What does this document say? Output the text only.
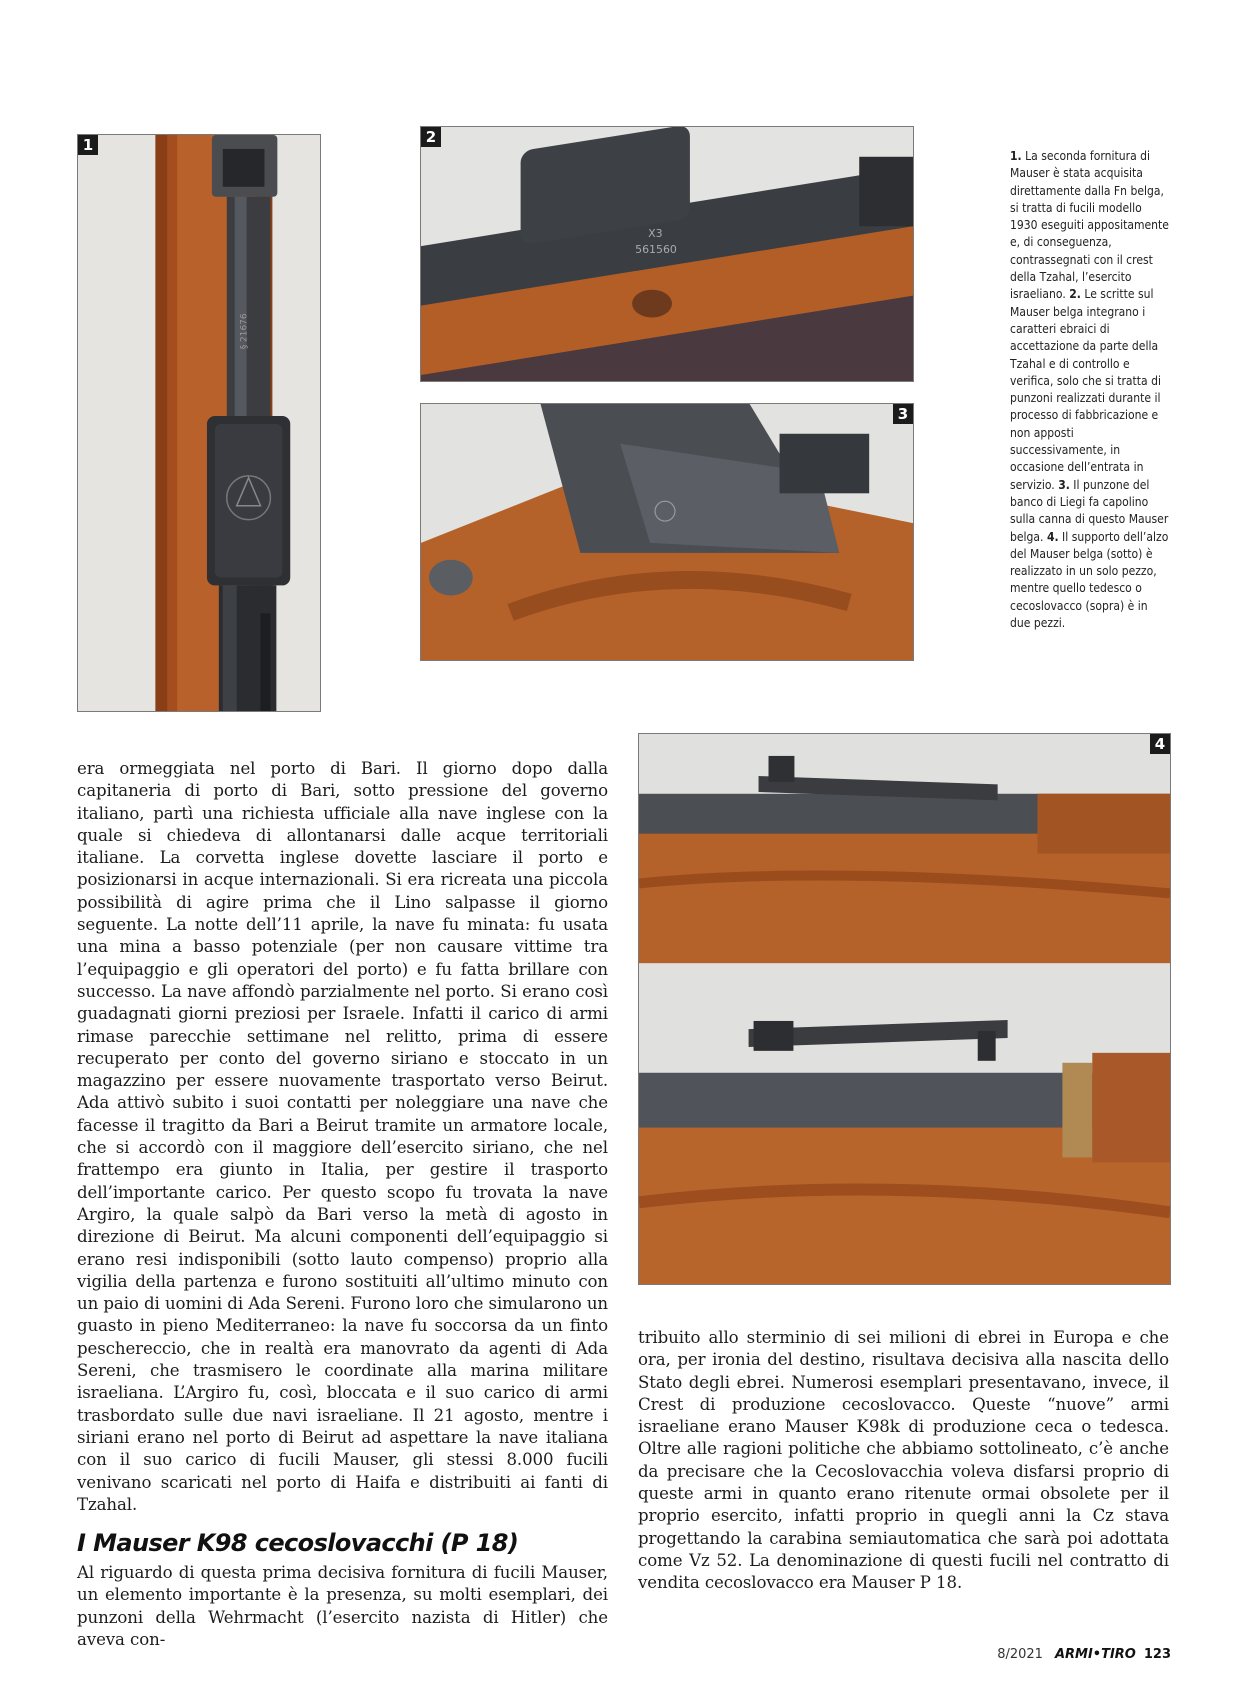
1
§ 21676
2
X3
561560
3
1. La seconda fornitura di Mauser è stata acquisita direttamente dalla Fn belga, si tratta di fucili modello 1930 eseguiti appositamente e, di conseguenza, contrassegnati con il crest della Tzahal, l’esercito israeliano. 2. Le scritte sul Mauser belga integrano i caratteri ebraici di accettazione da parte della Tzahal e di controllo e verifica, solo che si tratta di punzoni realizzati durante il processo di fabbricazione e non apposti successivamente, in occasione dell’entrata in servizio. 3. Il punzone del banco di Liegi fa capolino sulla canna di questo Mauser belga. 4. Il supporto dell’alzo del Mauser belga (sotto) è realizzato in un solo pezzo, mentre quello tedesco o cecoslovacco (sopra) è in due pezzi.
4

era ormeggiata nel porto di Bari. Il giorno dopo dalla capitaneria di porto di Bari, sotto pressione del governo italiano, partì una richiesta ufficiale alla nave inglese con la quale si chiedeva di allontanarsi dalle acque territoriali italiane. La corvetta inglese dovette lasciare il porto e posizionarsi in acque internazionali. Si era ricreata una piccola possibilità di agire prima che il Lino salpasse il giorno seguente. La notte dell’11 aprile, la nave fu minata: fu usata una mina a basso potenziale (per non causare vittime tra l’equipaggio e gli operatori del porto) e fu fatta brillare con successo. La nave affondò parzialmente nel porto. Si erano così guadagnati giorni preziosi per Israele. Infatti il carico di armi rimase parecchie settimane nel relitto, prima di essere recuperato per conto del governo siriano e stoccato in un magazzino per essere nuovamente trasportato verso Beirut. Ada attivò subito i suoi contatti per noleggiare una nave che facesse il tragitto da Bari a Beirut tramite un armatore locale, che si accordò con il maggiore dell’esercito siriano, che nel frattempo era giunto in Italia, per gestire il trasporto dell’importante carico. Per questo scopo fu trovata la nave Argiro, la quale salpò da Bari verso la metà di agosto in direzione di Beirut. Ma alcuni componenti dell’equipaggio si erano resi indisponibili (sotto lauto compenso) proprio alla vigilia della partenza e furono sostituiti all’ultimo minuto con un paio di uomini di Ada Sereni. Furono loro che simularono un guasto in pieno Mediterraneo: la nave fu soccorsa da un finto peschereccio, che in realtà era manovrato da agenti di Ada Sereni, che trasmisero le coordinate alla marina militare israeliana. L’Argiro fu, così, bloccata e il suo carico di armi trasbordato sulle due navi israeliane. Il 21 agosto, mentre i siriani erano nel porto di Beirut ad aspettare la nave italiana con il suo carico di fucili Mauser, gli stessi 8.000 fucili venivano scaricati nel porto di Haifa e distribuiti ai fanti di Tzahal.

I Mauser K98 cecoslovacchi (P 18)

Al riguardo di questa prima decisiva fornitura di fucili Mauser, un elemento importante è la presenza, su molti esemplari, dei punzoni della Wehrmacht (l’esercito nazista di Hitler) che aveva con-

tribuito allo sterminio di sei milioni di ebrei in Europa e che ora, per ironia del destino, risultava decisiva alla nascita dello Stato degli ebrei. Numerosi esemplari presentavano, invece, il Crest di produzione cecoslovacco. Queste “nuove” armi israeliane erano Mauser K98k di produzione ceca o tedesca. Oltre alle ragioni politiche che abbiamo sottolineato, c’è anche da precisare che la Cecoslovacchia voleva disfarsi proprio di queste armi in quanto erano ritenute ormai obsolete per il proprio esercito, infatti proprio in quegli anni la Cz stava progettando la carabina semiautomatica che sarà poi adottata come Vz 52. La denominazione di questi fucili nel contratto di vendita cecoslovacco era Mauser P 18.

8/2021 ARMI•TIRO 123
